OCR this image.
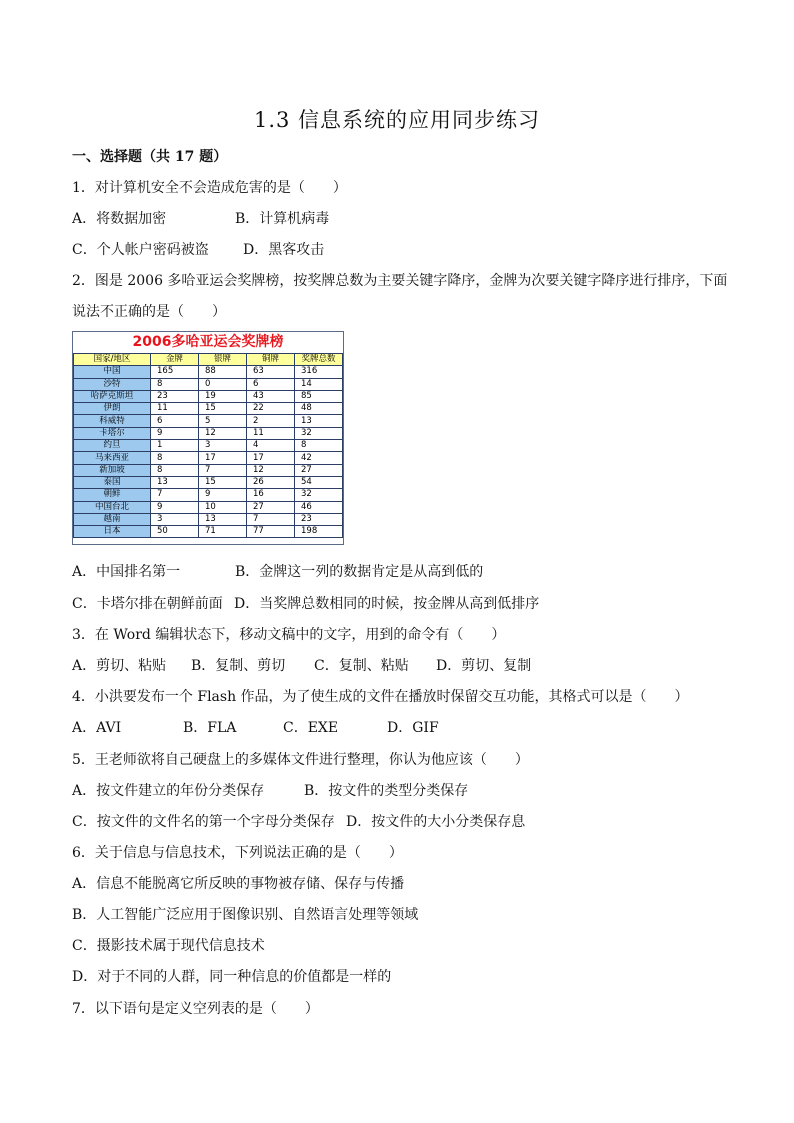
1.3 信息系统的应用同步练习
一、选择题（共 17 题）
1．对计算机安全不会造成危害的是（　　）
A．将数据加密	B．计算机病毒
C．个人帐户密码被盗 D．黑客攻击
2．图是 2006 多哈亚运会奖牌榜，按奖牌总数为主要关键字降序，金牌为次要关键字降序进行排序，下面
说法不正确的是（　　）
2006多哈亚运会奖牌榜
国家/地区	金牌	银牌	铜牌	奖牌总数
中国	165	88	63	316
沙特	8	0	6	14
哈萨克斯坦	23	19	43	85
伊朗	11	15	22	48
科威特	6	5	2	13
卡塔尔	9	12	11	32
约旦	1	3	4	8
马来西亚	8	17	17	42
新加坡	8	7	12	27
泰国	13	15	26	54
朝鲜	7	9	16	32
中国台北	9	10	27	46
越南	3	13	7	23
日本	50	71	77	198
A．中国排名第一	B．金牌这一列的数据肯定是从高到低的
C．卡塔尔排在朝鲜前面 D．当奖牌总数相同的时候，按金牌从高到低排序
3．在 Word 编辑状态下，移动文稿中的文字，用到的命令有（　　）
A．剪切、粘贴 B．复制、剪切 C．复制、粘贴 D．剪切、复制
4．小洪要发布一个 Flash 作品，为了使生成的文件在播放时保留交互功能，其格式可以是（　　）
A．AVI	B．FLA	C．EXE	D．GIF
5．王老师欲将自己硬盘上的多媒体文件进行整理，你认为他应该（　　）
A．按文件建立的年份分类保存	B．按文件的类型分类保存
C．按文件的文件名的第一个字母分类保存 D．按文件的大小分类保存息
6．关于信息与信息技术，下列说法正确的是（　　）
A．信息不能脱离它所反映的事物被存储、保存与传播
B．人工智能广泛应用于图像识别、自然语言处理等领域
C．摄影技术属于现代信息技术
D．对于不同的人群，同一种信息的价值都是一样的
7．以下语句是定义空列表的是（　　）
